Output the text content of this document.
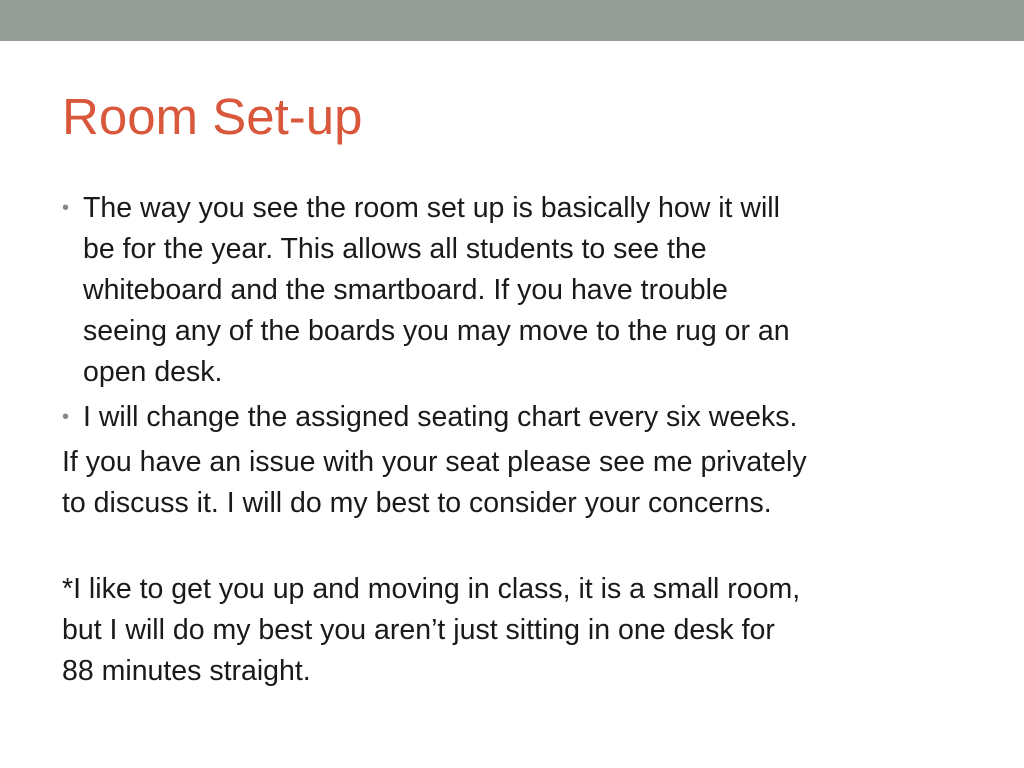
Room Set-up
• The way you see the room set up is basically how it will
be for the year. This allows all students to see the
whiteboard and the smartboard. If you have trouble
seeing any of the boards you may move to the rug or an
open desk.
• I will change the assigned seating chart every six weeks.

If you have an issue with your seat please see me privately
to discuss it. I will do my best to consider your concerns.

*I like to get you up and moving in class, it is a small room,
but I will do my best you aren’t just sitting in one desk for
88 minutes straight.
